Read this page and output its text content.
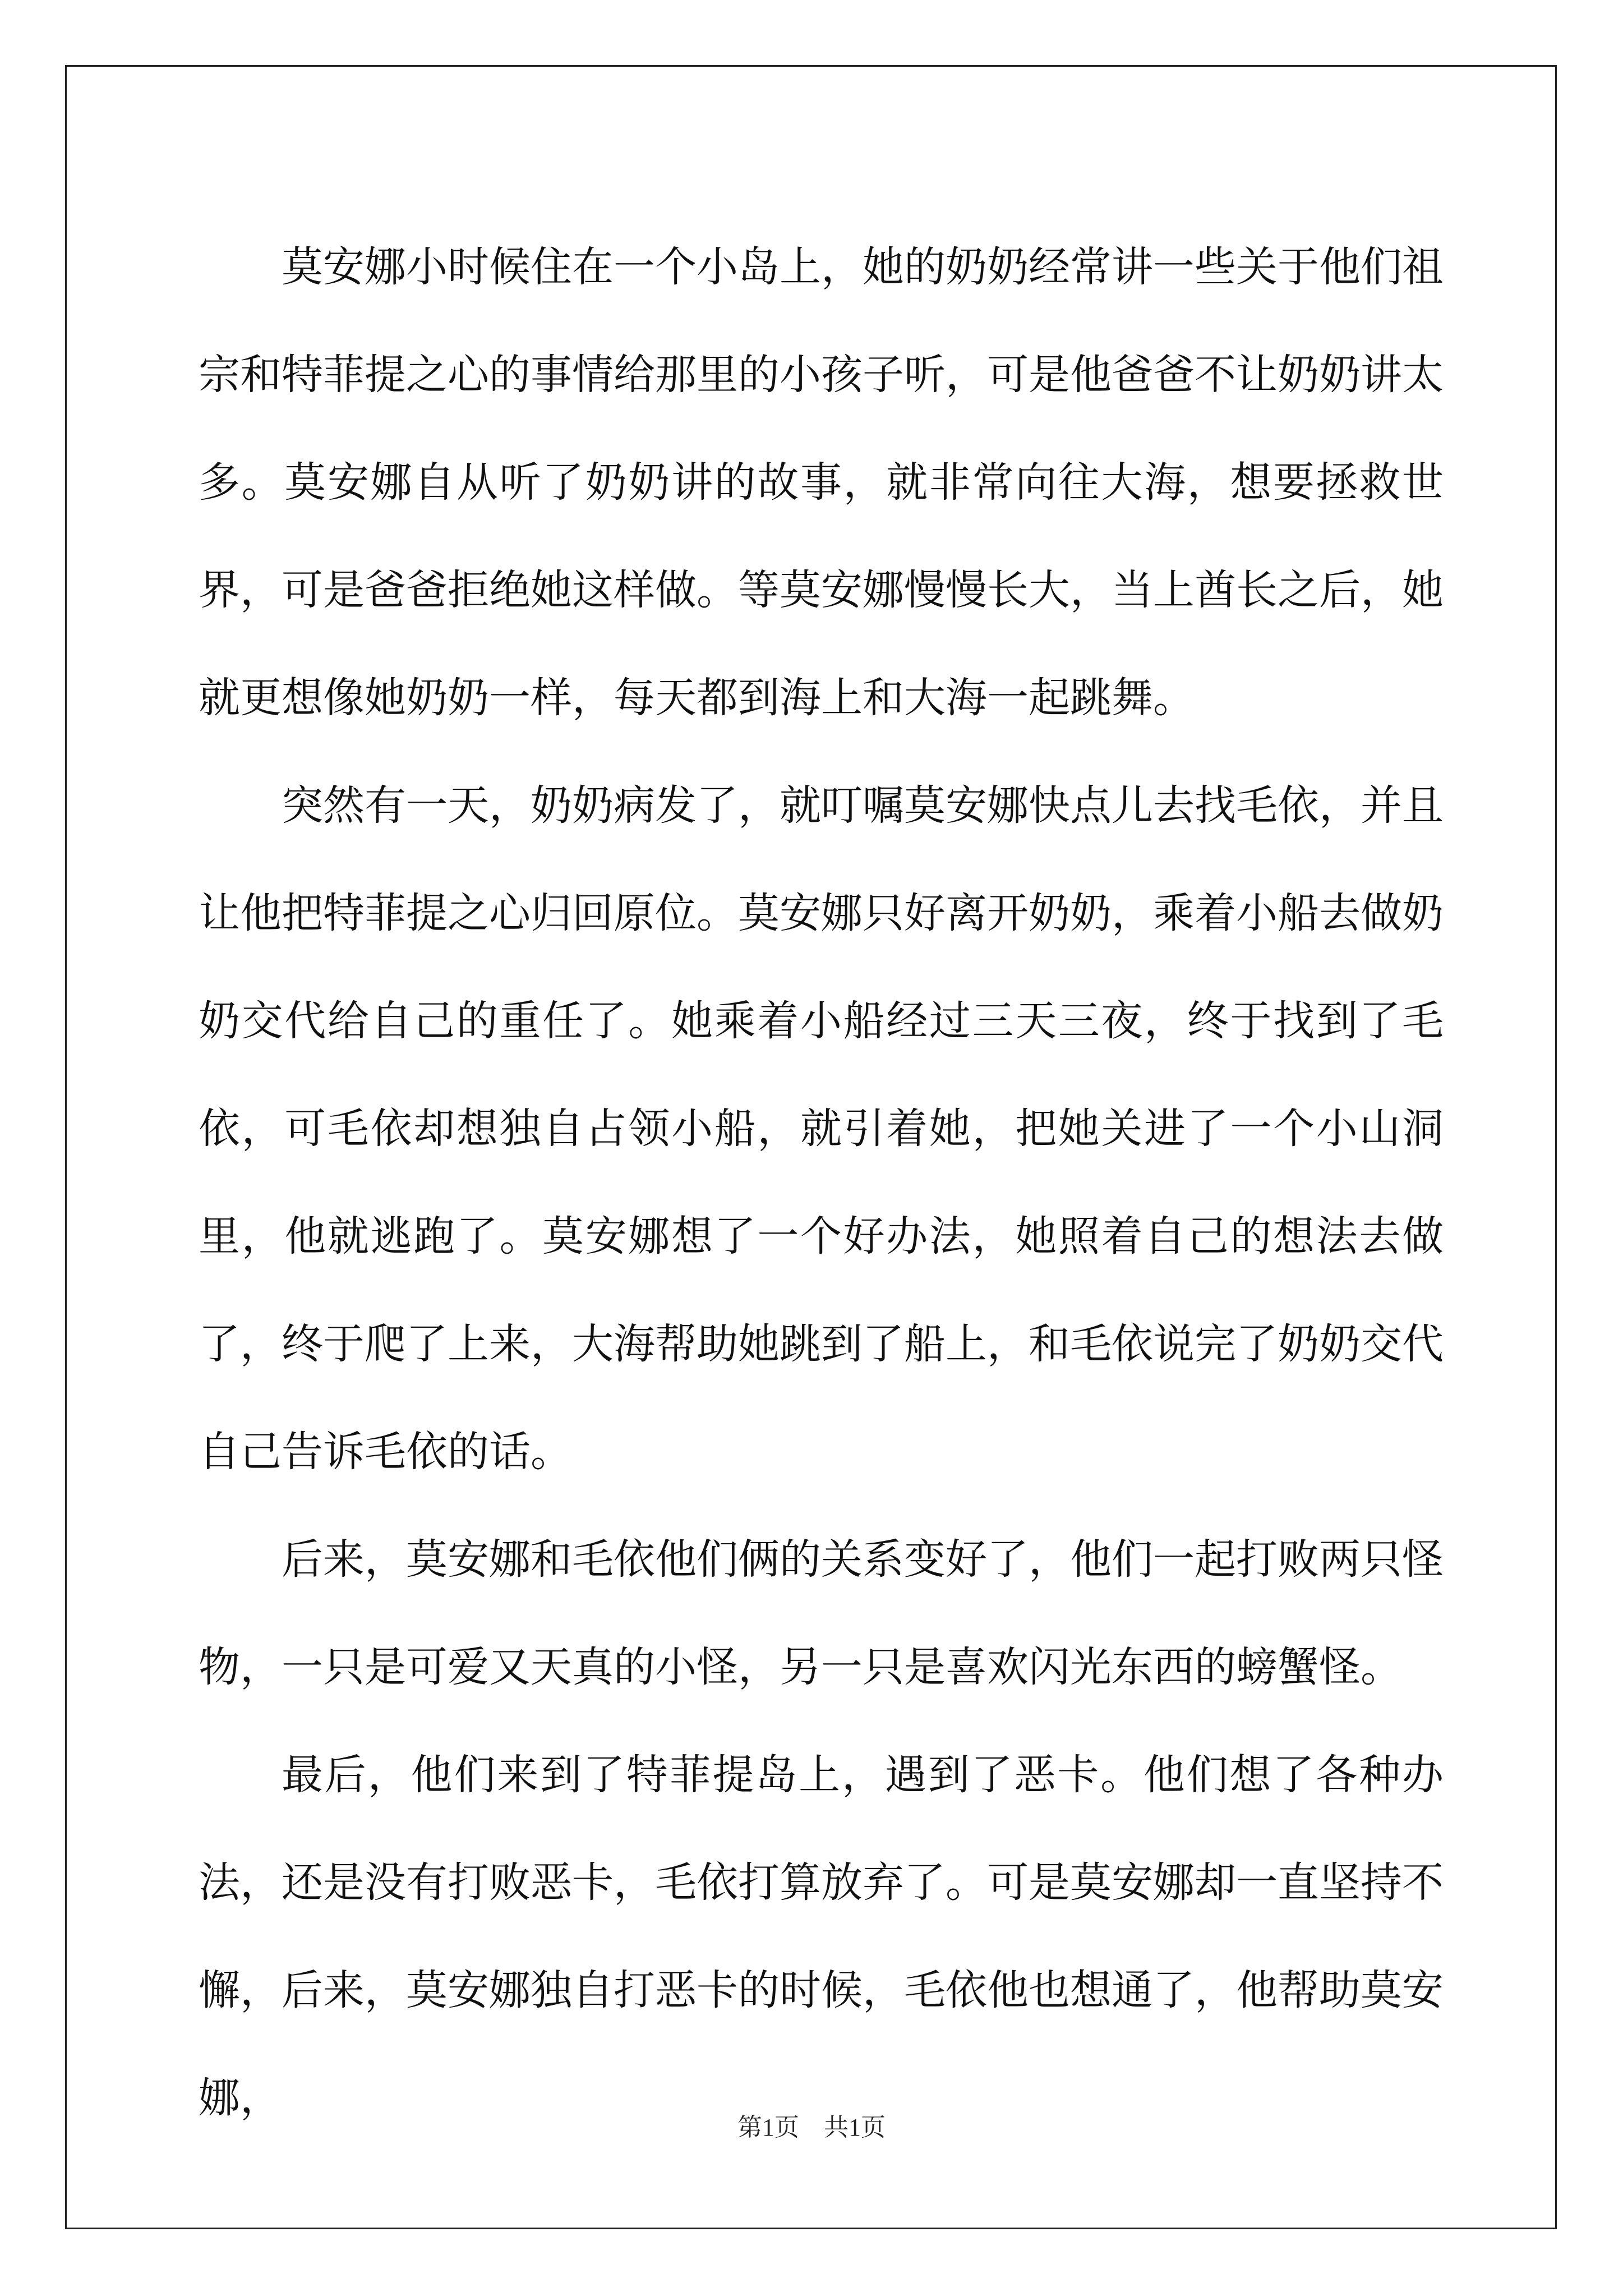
莫安娜小时候住在一个小岛上，她的奶奶经常讲一些关于他们祖宗和特菲提之心的事情给那里的小孩子听，可是他爸爸不让奶奶讲太多。莫安娜自从听了奶奶讲的故事，就非常向往大海，想要拯救世界，可是爸爸拒绝她这样做。等莫安娜慢慢长大，当上酋长之后，她就更想像她奶奶一样，每天都到海上和大海一起跳舞。

突然有一天，奶奶病发了，就叮嘱莫安娜快点儿去找毛依，并且让他把特菲提之心归回原位。莫安娜只好离开奶奶，乘着小船去做奶奶交代给自己的重任了。她乘着小船经过三天三夜，终于找到了毛依，可毛依却想独自占领小船，就引着她，把她关进了一个小山洞里，他就逃跑了。莫安娜想了一个好办法，她照着自己的想法去做了，终于爬了上来，大海帮助她跳到了船上，和毛依说完了奶奶交代自己告诉毛依的话。

后来，莫安娜和毛依他们俩的关系变好了，他们一起打败两只怪物，一只是可爱又天真的小怪，另一只是喜欢闪光东西的螃蟹怪。

最后，他们来到了特菲提岛上，遇到了恶卡。他们想了各种办法，还是没有打败恶卡，毛依打算放弃了。可是莫安娜却一直坚持不懈，后来，莫安娜独自打恶卡的时候，毛依他也想通了，他帮助莫安娜，

第1页　共1页
